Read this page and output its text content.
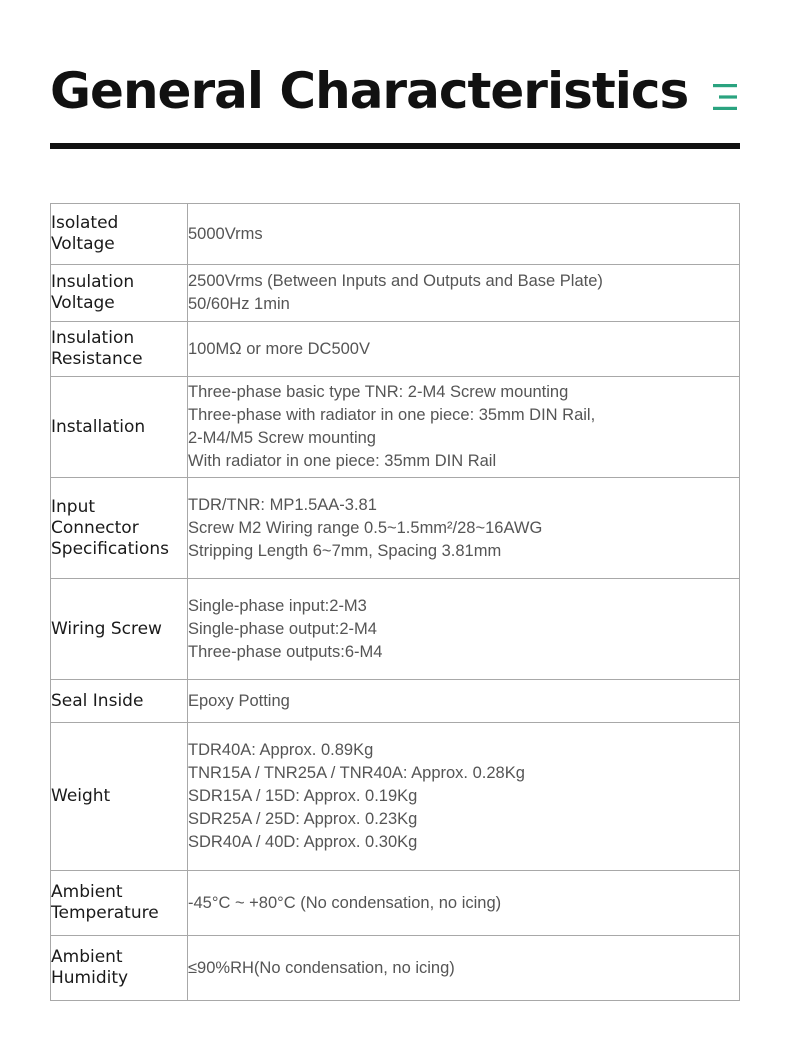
General Characteristics
Isolated
Voltage	5000Vrms

Insulation
Voltage	2500Vrms (Between Inputs and Outputs and Base Plate)
50/60Hz 1min

Insulation
Resistance	100MΩ or more DC500V

Installation	Three-phase basic type TNR: 2-M4 Screw mounting
Three-phase with radiator in one piece: 35mm DIN Rail,
2-M4/M5 Screw mounting
With radiator in one piece: 35mm DIN Rail

Input
Connector
Specifications	TDR/TNR: MP1.5AA-3.81
Screw M2 Wiring range 0.5~1.5mm²/28~16AWG
Stripping Length 6~7mm, Spacing 3.81mm

Wiring Screw	Single-phase input:2-M3
Single-phase output:2-M4
Three-phase outputs:6-M4

Seal Inside	Epoxy Potting

Weight	TDR40A: Approx. 0.89Kg
TNR15A / TNR25A / TNR40A: Approx. 0.28Kg
SDR15A / 15D: Approx. 0.19Kg
SDR25A / 25D: Approx. 0.23Kg
SDR40A / 40D: Approx. 0.30Kg

Ambient
Temperature	-45°C ~ +80°C (No condensation, no icing)

Ambient
Humidity	≤90%RH(No condensation, no icing)
